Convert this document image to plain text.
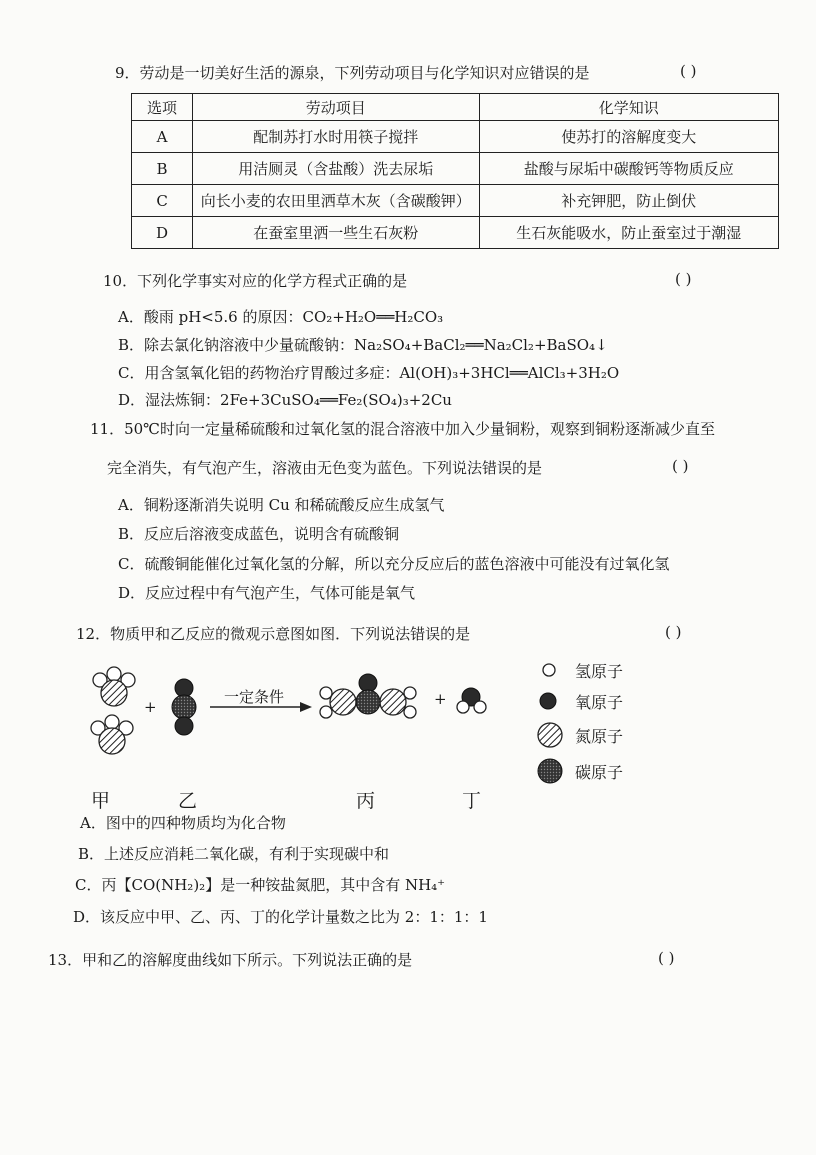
9．劳动是一切美好生活的源泉，下列劳动项目与化学知识对应错误的是	( )
选项	劳动项目	化学知识
A	配制苏打水时用筷子搅拌	使苏打的溶解度变大
B	用洁厕灵（含盐酸）洗去尿垢	盐酸与尿垢中碳酸钙等物质反应
C	向长小麦的农田里洒草木灰（含碳酸钾）	补充钾肥，防止倒伏
D	在蚕室里洒一些生石灰粉	生石灰能吸水，防止蚕室过于潮湿
10．下列化学事实对应的化学方程式正确的是	( )
A．酸雨 pH<5.6 的原因：CO₂+H₂O══H₂CO₃
B．除去氯化钠溶液中少量硫酸钠：Na₂SO₄+BaCl₂══Na₂Cl₂+BaSO₄↓
C．用含氢氧化铝的药物治疗胃酸过多症：Al(OH)₃+3HCl══AlCl₃+3H₂O
D．湿法炼铜：2Fe+3CuSO₄══Fe₂(SO₄)₃+2Cu
11．50℃时向一定量稀硫酸和过氧化氢的混合溶液中加入少量铜粉，观察到铜粉逐渐减少直至
完全消失，有气泡产生，溶液由无色变为蓝色。下列说法错误的是	( )
A．铜粉逐渐消失说明 Cu 和稀硫酸反应生成氢气
B．反应后溶液变成蓝色，说明含有硫酸铜
C．硫酸铜能催化过氧化氢的分解，所以充分反应后的蓝色溶液中可能没有过氧化氢
D．反应过程中有气泡产生，气体可能是氧气
12．物质甲和乙反应的微观示意图如图．下列说法错误的是	( )
+	+
一定条件
氢原子
氧原子
氮原子
碳原子
甲	乙	丙	丁
A．图中的四种物质均为化合物
B．上述反应消耗二氧化碳，有利于实现碳中和
C．丙【CO(NH₂)₂】是一种铵盐氮肥，其中含有 NH₄⁺
D．该反应中甲、乙、丙、丁的化学计量数之比为 2：1：1：1
13．甲和乙的溶解度曲线如下所示。下列说法正确的是	( )
